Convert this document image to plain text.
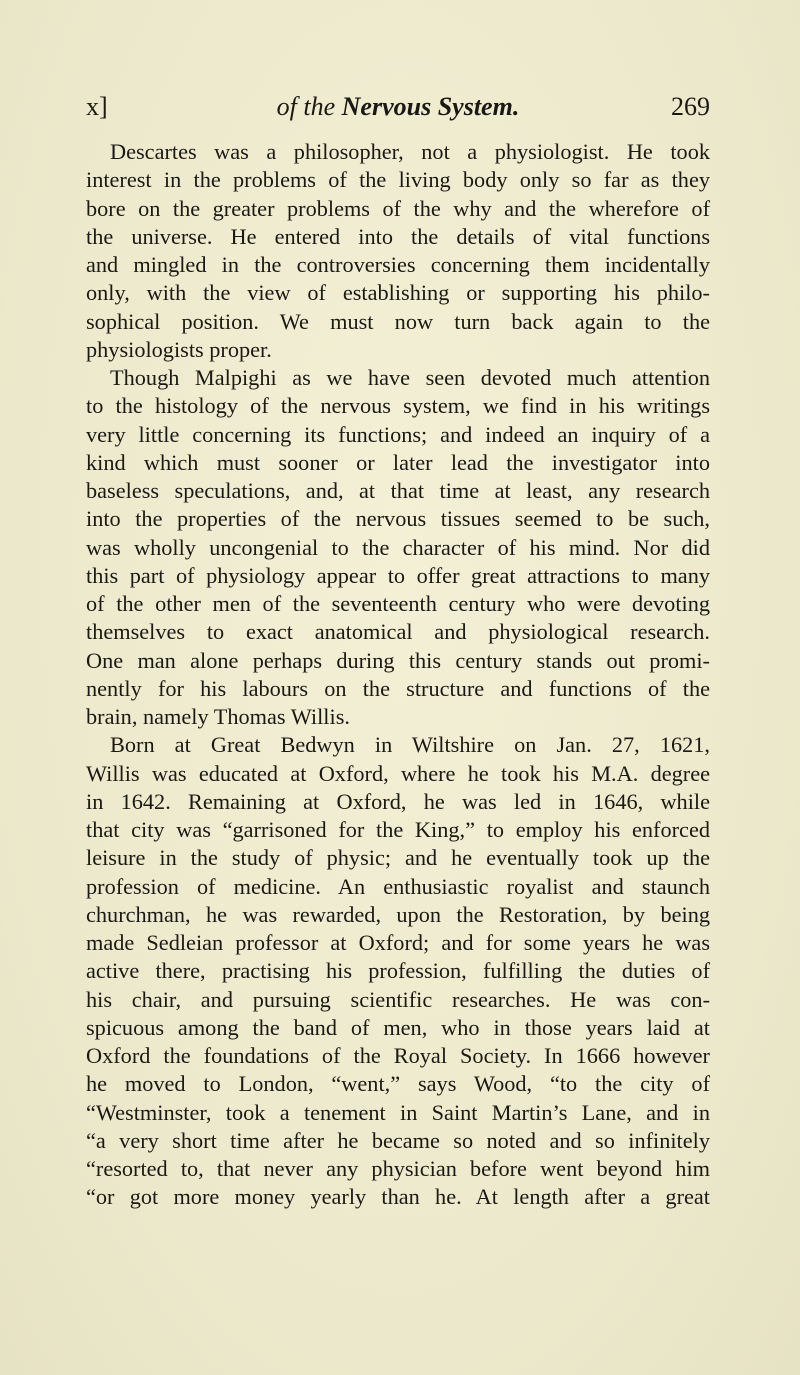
x]	of the Nervous System.	269
Descartes was a philosopher, not a physiologist. He took
interest in the problems of the living body only so far as they
bore on the greater problems of the why and the wherefore of
the universe. He entered into the details of vital functions
and mingled in the controversies concerning them incidentally
only, with the view of establishing or supporting his philo-
sophical position. We must now turn back again to the
physiologists proper.
Though Malpighi as we have seen devoted much attention
to the histology of the nervous system, we find in his writings
very little concerning its functions; and indeed an inquiry of a
kind which must sooner or later lead the investigator into
baseless speculations, and, at that time at least, any research
into the properties of the nervous tissues seemed to be such,
was wholly uncongenial to the character of his mind. Nor did
this part of physiology appear to offer great attractions to many
of the other men of the seventeenth century who were devoting
themselves to exact anatomical and physiological research.
One man alone perhaps during this century stands out promi-
nently for his labours on the structure and functions of the
brain, namely Thomas Willis.
Born at Great Bedwyn in Wiltshire on Jan. 27, 1621,
Willis was educated at Oxford, where he took his M.A. degree
in 1642. Remaining at Oxford, he was led in 1646, while
that city was “garrisoned for the King,” to employ his enforced
leisure in the study of physic; and he eventually took up the
profession of medicine. An enthusiastic royalist and staunch
churchman, he was rewarded, upon the Restoration, by being
made Sedleian professor at Oxford; and for some years he was
active there, practising his profession, fulfilling the duties of
his chair, and pursuing scientific researches. He was con-
spicuous among the band of men, who in those years laid at
Oxford the foundations of the Royal Society. In 1666 however
he moved to London, “went,” says Wood, “to the city of
“Westminster, took a tenement in Saint Martin’s Lane, and in
“a very short time after he became so noted and so infinitely
“resorted to, that never any physician before went beyond him
“or got more money yearly than he. At length after a great
